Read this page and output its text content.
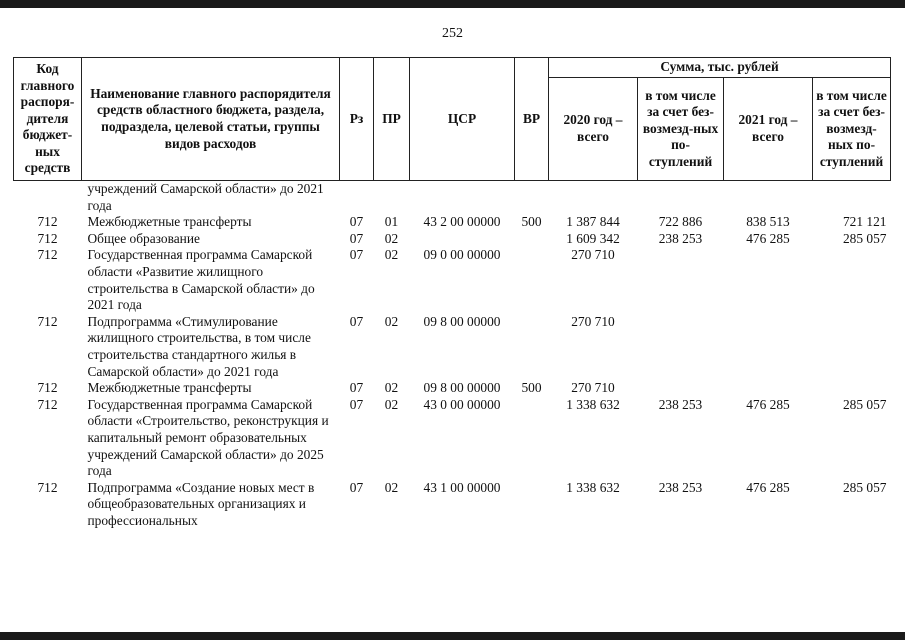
252
Код главного распоря-дителя бюджет-ных средств	Наименование главного распорядителя средств областного бюджета, раздела, подраздела, целевой статьи, группы видов расходов	Рз	ПР	ЦСР	ВР	Сумма, тыс. рублей			
						2020 год – всего	в том числе за счет без-возмезд-ных по-ступлений	2021 год – всего	в том числе за счет без-возмезд-ных по-ступлений
	учреждений Самарской области» до 2021 года								
712	Межбюджетные трансферты	07	01	43 2 00 00000	500	1 387 844	722 886	838 513	721 121
712	Общее образование	07	02			1 609 342	238 253	476 285	285 057
712	Государственная программа Самарской области «Развитие жилищного строительства в Самарской области» до 2021 года	07	02	09 0 00 00000		270 710			
712	Подпрограмма «Стимулирование жилищного строительства, в том числе строительства стандартного жилья в Самарской области» до 2021 года	07	02	09 8 00 00000		270 710			
712	Межбюджетные трансферты	07	02	09 8 00 00000	500	270 710			
712	Государственная программа Самарской области «Строительство, реконструкция и капитальный ремонт образовательных учреждений Самарской области» до 2025 года	07	02	43 0 00 00000		1 338 632	238 253	476 285	285 057
712	Подпрограмма «Создание новых мест в общеобразовательных организациях и профессиональных	07	02	43 1 00 00000		1 338 632	238 253	476 285	285 057
